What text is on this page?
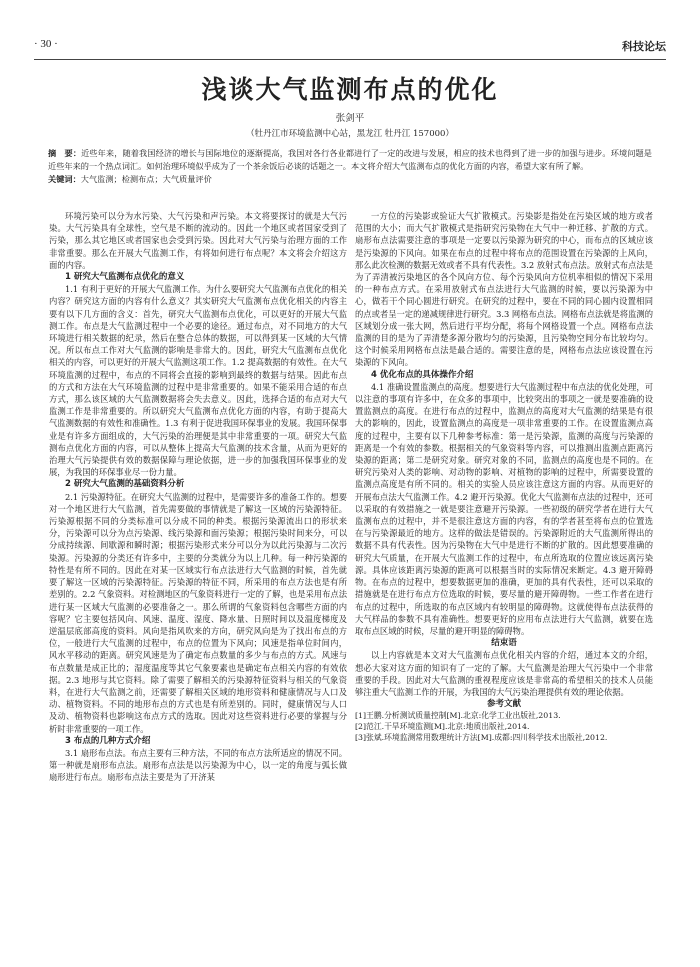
· 30 ·	科技论坛
浅谈大气监测布点的优化
张剑平
（牡丹江市环境监测中心站，黑龙江 牡丹江 157000）
摘　要：近些年来，随着我国经济的增长与国际地位的逐渐提高，我国对各行各业都进行了一定的改进与发展，相应的技术也得到了进一步的加强与进步。环境问题是近些年来的一个热点词汇。如何治理环境似乎成为了一个茶余饭后必谈的话题之一。本文将介绍大气监测布点的优化方面的内容，希望大家有所了解。
关键词：大气监测；检测布点；大气质量评价

环境污染可以分为水污染、大气污染和声污染。本文将要探讨的就是大气污染。大气污染具有全球性，空气是不断的流动的。因此一个地区或者国家受到了污染，那么其它地区或者国家也会受到污染。因此对大气污染与治理方面的工作非常重要。那么在开展大气监测工作，有将如何进行布点呢？本文将会介绍这方面的内容。

1 研究大气监测布点优化的意义

1.1 有利于更好的开展大气监测工作。为什么要研究大气监测布点优化的相关内容？研究这方面的内容有什么意义？其实研究大气监测布点优化相关的内容主要有以下几方面的含义：首先，研究大气监测布点优化，可以更好的开展大气监测工作。布点是大气监测过程中一个必要的途径。通过布点，对不同地方的大气环境进行相关数据的纪录，然后在整合总体的数据，可以得到某一区域的大气情况。所以布点工作对大气监测的影响是非常大的。因此，研究大气监测布点优化相关的内容，可以更好的开展大气监测这项工作。1.2 提高数据的有效性。在大气环境监测的过程中，布点的不同将会直接的影响到最终的数据与结果。因此布点的方式和方法在大气环境监测的过程中是非常重要的。如果不能采用合适的布点方式，那么该区域的大气监测数据将会失去意义。因此，选择合适的布点对大气监测工作是非常重要的。所以研究大气监测布点优化方面的内容，有助于提高大气监测数据的有效性和准确性。1.3 有利于促进我国环保事业的发展。我国环保事业是有许多方面组成的，大气污染的治理便是其中非常重要的一项。研究大气监测布点优化方面的内容，可以从整体上提高大气监测的技术含量，从而为更好的治理大气污染提供有效的数据保障与理论依据，进一步的加强我国环保事业的发展，为我国的环保事业尽一份力量。

2 研究大气监测的基础资料分析

2.1 污染源特征。在研究大气监测的过程中，是需要许多的准备工作的。想要对一个地区进行大气监测，首先需要做的事情就是了解这一区域的污染源特征。污染源根据不同的分类标准可以分成不同的种类。根据污染源流出口的形状来分，污染源可以分为点污染源、线污染源和面污染源；根据污染时间来分，可以分成持续源、间歇源和瞬时源；根据污染形式来分可以分为以此污染源与二次污染源。污染源的分类还有许多中，主要的分类就分为以上几种。每一种污染源的特性是有所不同的。因此在对某一区域实行布点法进行大气监测的时候，首先就要了解这一区域的污染源特征。污染源的特征不同，所采用的布点方法也是有所差别的。2.2 气象资料。对检测地区的气象资料进行一定的了解，也是采用布点法进行某一区域大气监测的必要准备之一。那么所谓的气象资料包含哪些方面的内容呢？它主要包括风向、风速、温度、湿度、降水量、日照时间以及温度梯度及逆温层底部高度的资料。风向是指风吹来的方向，研究风向是为了找出布点的方位，一般进行大气监测的过程中，布点的位置为下风向；风速是指单位时间内，风水平移动的距离。研究风速是为了确定布点数量的多少与布点的方式。风速与布点数量是成正比的；湿度温度等其它气象要素也是确定布点相关内容的有效依据。2.3 地形与其它资料。除了需要了解相关的污染源特征资料与相关的气象资料，在进行大气监测之前，还需要了解相关区域的地形资料和健康情况与人口及动、植物资料。不同的地形布点的方式也是有所差别的。同时，健康情况与人口及动、植物资料也影响这布点方式的选取。因此对这些资料进行必要的掌握与分析时非常重要的一项工作。

3 布点的几种方式介绍

3.1 扇形布点法。布点主要有三种方法，不同的布点方法所适应的情况不同。第一种就是扇形布点法。扇形布点法是以污染源为中心，以一定的角度与弧长做扇形进行布点。扇形布点法主要是为了开济某

一方位的污染影或验证大气扩散模式。污染影是指处在污染区域的地方或者范围的大小；而大气扩散模式是指研究污染物在大气中一种迁移、扩散的方式。扇形布点法需要注意的事项是一定要以污染源为研究的中心，而布点的区域应该是污染源的下风向。如果在布点的过程中将布点的范围设置在污染源的上风向，那么此次检测的数据无效或者不具有代表性。3.2 放射式布点法。放射式布点法是为了弄清被污染地区的各个风向方位、每个污染风向方位机率相似的情况下采用的一种布点方式。在采用放射式布点法进行大气监测的时候，要以污染源为中心，做若干个同心圆进行研究。在研究的过程中，要在不同的同心圆内设置相同的点或者呈一定的递减规律进行研究。3.3 网格布点法。网格布点法就是将监测的区域划分成一张大网，然后进行平均分配，将每个网格设置一个点。网格布点法监测的目的是为了弄清楚多源分散均匀的污染源，且污染物空间分布比较均匀。这个时候采用网格布点法是最合适的。需要注意的是，网格布点法应该设置在污染源的下风向。

4 优化布点的具体操作介绍

4.1 准确设置监测点的高度。想要进行大气监测过程中布点法的优化处理，可以注意的事项有许多中，在众多的事项中，比较突出的事项之一就是要准确的设置监测点的高度。在进行布点的过程中，监测点的高度对大气监测的结果是有很大的影响的，因此，设置监测点的高度是一项非常重要的工作。在设置监测点高度的过程中，主要有以下几种参考标准：第一是污染源，监测的高度与污染源的距离是一个有效的参数。根据相关的气象资料等内容，可以推测出监测点距离污染源的距离；第二是研究对象。研究对象的不同，监测点的高度也是不同的。在研究污染对人类的影响、对动物的影响、对植物的影响的过程中，所需要设置的监测点高度是有所不同的。相关的实验人员应该注意这方面的内容。从而更好的开展布点法大气监测工作。4.2 避开污染源。优化大气监测布点法的过程中，还可以采取的有效措施之一就是要注意避开污染源。一些初级的研究学者在进行大气监测布点的过程中，并不是很注意这方面的内容，有的学者甚至将布点的位置选在与污染源最近的地方。这样的做法是错误的。污染源附近的大气监测所得出的数据不具有代表性。因为污染物在大气中是进行不断的扩散的。因此想要准确的研究大气质量，在开展大气监测工作的过程中，布点所选取的位置应该远离污染源。具体应该距离污染源的距离可以根据当时的实际情况来断定。4.3 避开障碍物。在布点的过程中，想要数据更加的准确，更加的具有代表性，还可以采取的措施就是在进行布点方位选取的时候，要尽量的避开障碍物。一些工作者在进行布点的过程中，所选取的布点区域内有较明显的障碍物。这就使得布点法获得的大气样品的参数不具有准确性。想要更好的应用布点法进行大气监测，就要在选取布点区域的时候，尽量的避开明显的障碍物。

结束语

以上内容就是本文对大气监测布点优化相关内容的介绍，通过本文的介绍，想必大家对这方面的知识有了一定的了解。大气监测是治理大气污染中一个非常重要的手段。因此对大气监测的重视程度应该是非常高的希望相关的技术人员能够注重大气监测工作的开展，为我国的大气污染治理提供有效的理论依据。

参考文献
[1]王鹏.分析测试质量控制[M].北京:化学工业出版社,2013.
[2]范江.干旱环境监测[M].北京:地质出版社,2014.
[3]张斌.环境监测常用数理统计方法[M].成都:四川科学技术出版社,2012.
